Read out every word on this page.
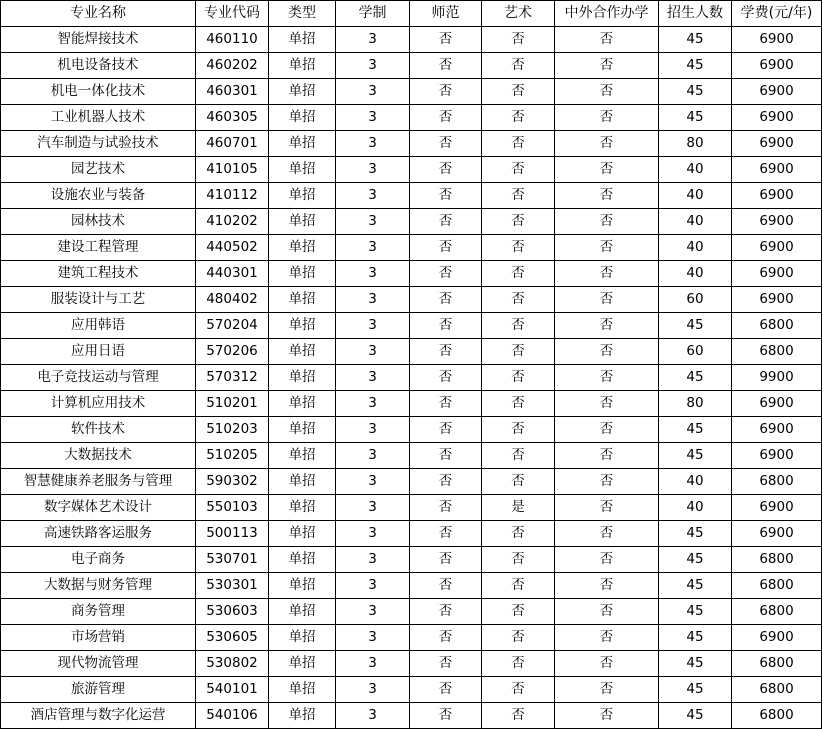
专业名称	专业代码	类型	学制	师范	艺术	中外合作办学	招生人数	学费(元/年)
智能焊接技术	460110	单招	3	否	否	否	45	6900
机电设备技术	460202	单招	3	否	否	否	45	6900
机电一体化技术	460301	单招	3	否	否	否	45	6900
工业机器人技术	460305	单招	3	否	否	否	45	6900
汽车制造与试验技术	460701	单招	3	否	否	否	80	6900
园艺技术	410105	单招	3	否	否	否	40	6900
设施农业与装备	410112	单招	3	否	否	否	40	6900
园林技术	410202	单招	3	否	否	否	40	6900
建设工程管理	440502	单招	3	否	否	否	40	6900
建筑工程技术	440301	单招	3	否	否	否	40	6900
服装设计与工艺	480402	单招	3	否	否	否	60	6900
应用韩语	570204	单招	3	否	否	否	45	6800
应用日语	570206	单招	3	否	否	否	60	6800
电子竞技运动与管理	570312	单招	3	否	否	否	45	9900
计算机应用技术	510201	单招	3	否	否	否	80	6900
软件技术	510203	单招	3	否	否	否	45	6900
大数据技术	510205	单招	3	否	否	否	45	6900
智慧健康养老服务与管理	590302	单招	3	否	否	否	40	6800
数字媒体艺术设计	550103	单招	3	否	是	否	40	6900
高速铁路客运服务	500113	单招	3	否	否	否	45	6900
电子商务	530701	单招	3	否	否	否	45	6800
大数据与财务管理	530301	单招	3	否	否	否	45	6800
商务管理	530603	单招	3	否	否	否	45	6800
市场营销	530605	单招	3	否	否	否	45	6900
现代物流管理	530802	单招	3	否	否	否	45	6800
旅游管理	540101	单招	3	否	否	否	45	6800
酒店管理与数字化运营	540106	单招	3	否	否	否	45	6800
